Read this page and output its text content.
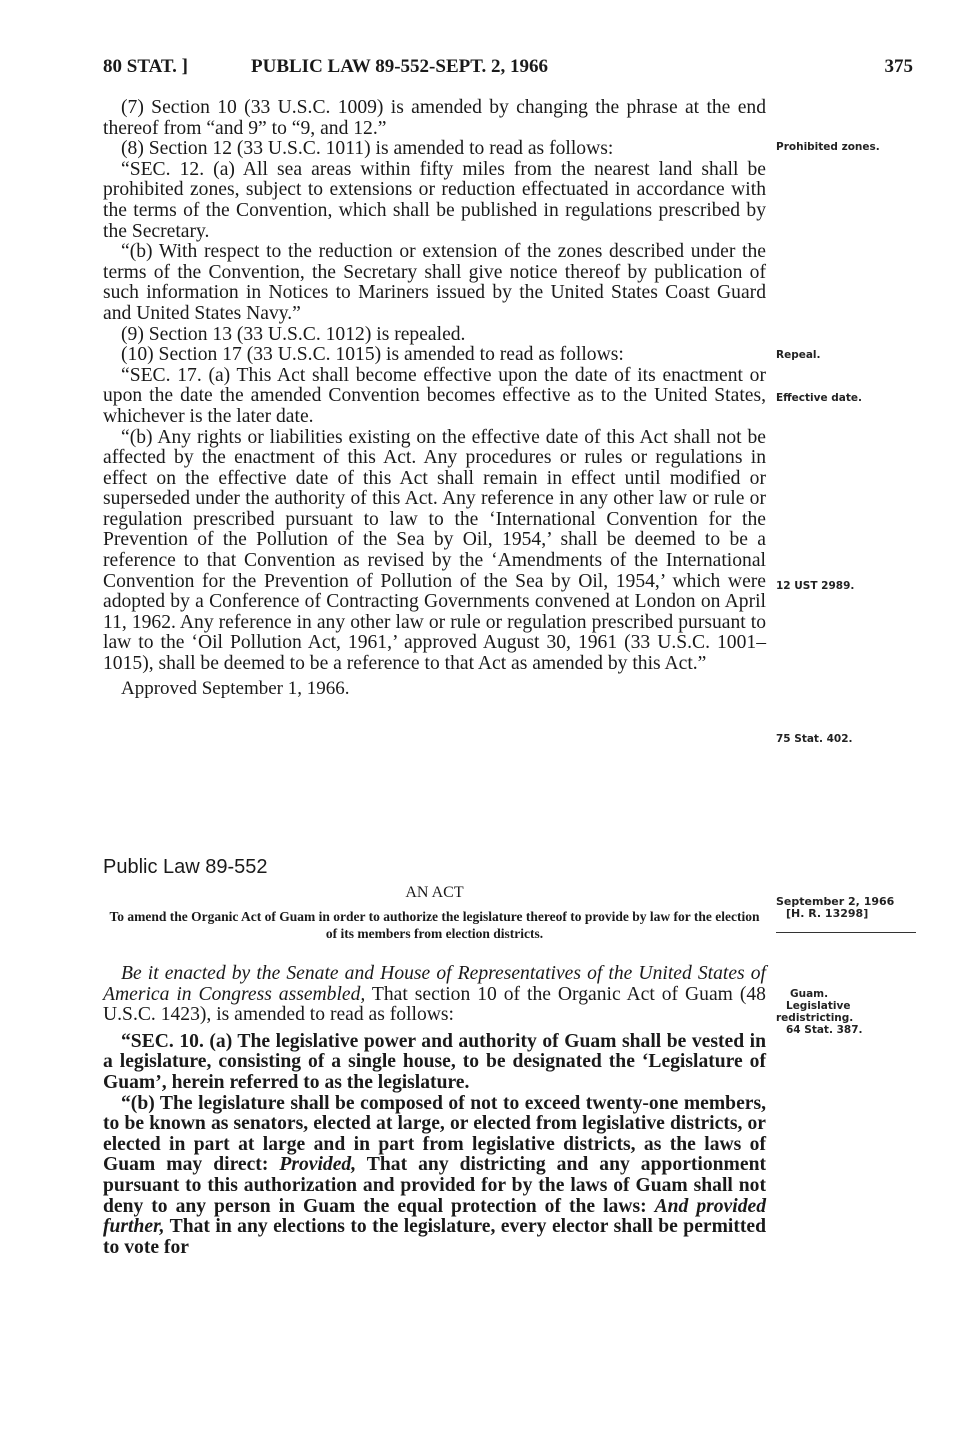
80 STAT. ]	PUBLIC LAW 89-552-SEPT. 2, 1966	375

(7) Section 10 (33 U.S.C. 1009) is amended by changing the phrase at the end thereof from “and 9” to “9, and 12.”

(8) Section 12 (33 U.S.C. 1011) is amended to read as follows:

“SEC. 12. (a) All sea areas within fifty miles from the nearest land shall be prohibited zones, subject to extensions or reduction effectuated in accordance with the terms of the Convention, which shall be published in regulations prescribed by the Secretary.

“(b) With respect to the reduction or extension of the zones described under the terms of the Convention, the Secretary shall give notice thereof by publication of such information in Notices to Mariners issued by the United States Coast Guard and United States Navy.”

(9) Section 13 (33 U.S.C. 1012) is repealed.

(10) Section 17 (33 U.S.C. 1015) is amended to read as follows:

“SEC. 17. (a) This Act shall become effective upon the date of its enactment or upon the date the amended Convention becomes effective as to the United States, whichever is the later date.

“(b) Any rights or liabilities existing on the effective date of this Act shall not be affected by the enactment of this Act. Any procedures or rules or regulations in effect on the effective date of this Act shall remain in effect until modified or superseded under the authority of this Act. Any reference in any other law or rule or regulation prescribed pursuant to law to the ‘International Convention for the Prevention of the Pollution of the Sea by Oil, 1954,’ shall be deemed to be a reference to that Convention as revised by the ‘Amendments of the International Convention for the Prevention of Pollution of the Sea by Oil, 1954,’ which were adopted by a Conference of Contracting Governments convened at London on April 11, 1962. Any reference in any other law or rule or regulation prescribed pursuant to law to the ‘Oil Pollution Act, 1961,’ approved August 30, 1961 (33 U.S.C. 1001–1015), shall be deemed to be a reference to that Act as amended by this Act.”

Approved September 1, 1966.

Prohibited zones.
Repeal.
Effective date.
12 UST 2989.
75 Stat. 402.
Public Law 89-552
AN ACT
To amend the Organic Act of Guam in order to authorize the legislature thereof to provide by law for the election of its members from election districts.
September 2, 1966
[H. R. 13298]

Be it enacted by the Senate and House of Representatives of the United States of America in Congress assembled, That section 10 of the Organic Act of Guam (48 U.S.C. 1423), is amended to read as follows:

“SEC. 10. (a) The legislative power and authority of Guam shall be vested in a legislature, consisting of a single house, to be designated the ‘Legislature of Guam’, herein referred to as the legislature.

“(b) The legislature shall be composed of not to exceed twenty-one members, to be known as senators, elected at large, or elected from legislative districts, or elected in part at large and in part from legislative districts, as the laws of Guam may direct: Provided, That any districting and any apportionment pursuant to this authorization and provided for by the laws of Guam shall not deny to any person in Guam the equal protection of the laws: And provided further, That in any elections to the legislature, every elector shall be permitted to vote for

Guam.
Legislative
redistricting.
64 Stat. 387.
